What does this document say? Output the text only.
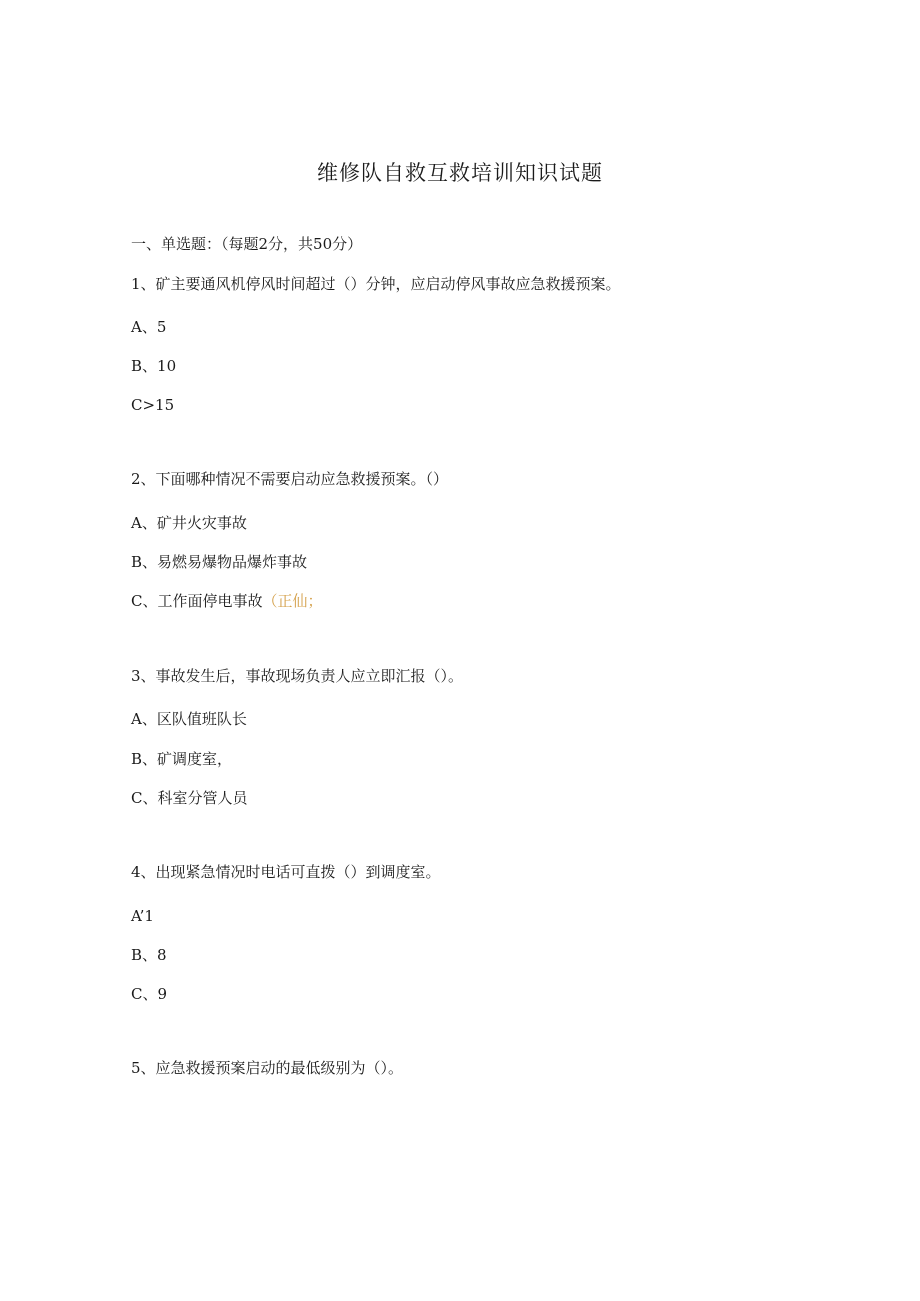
维修队自救互救培训知识试题
一、单选题：（每题2分，共50分）
1、矿主要通风机停风时间超过（）分钟，应启动停风事故应急救援预案。
A、5
B、10
C>15
2、下面哪种情况不需要启动应急救援预案。（）
A、矿井火灾事故
B、易燃易爆物品爆炸事故
C、工作面停电事故（正仙；
3、事故发生后，事故现场负责人应立即汇报（）。
A、区队值班队长
B、矿调度室，
C、科室分管人员
4、出现紧急情况时电话可直拨（）到调度室。
A’1
B、8
C、9
5、应急救援预案启动的最低级别为（）。
